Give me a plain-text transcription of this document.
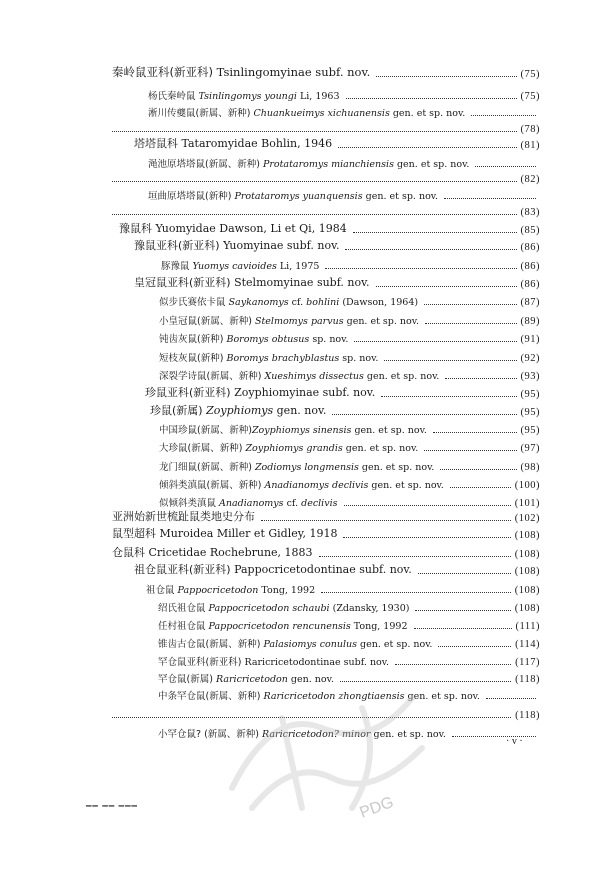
秦岭鼠亚科(新亚科) Tsinlingomyinae subf. nov.	(75)
杨氏秦岭鼠 Tsinlingomys youngi Li, 1963	(75)
淅川传夔鼠(新属、新种) Chuankueimys xichuanensis gen. et sp. nov.
(78)
塔塔鼠科 Tataromyidae Bohlin, 1946	(81)
渑池原塔塔鼠(新属、新种) Protataromys mianchiensis gen. et sp. nov.
(82)
垣曲原塔塔鼠(新种) Protataromys yuanquensis gen. et sp. nov.
(83)
豫鼠科 Yuomyidae Dawson, Li et Qi, 1984	(85)
豫鼠亚科(新亚科) Yuomyinae subf. nov.	(86)
豚豫鼠 Yuomys cavioides Li, 1975	(86)
皇冠鼠亚科(新亚科) Stelmomyinae subf. nov.	(86)
似步氏赛依卡鼠 Saykanomys cf. bohlini (Dawson, 1964)	(87)
小皇冠鼠(新属、新种) Stelmomys parvus gen. et sp. nov.	(89)
钝齿灰鼠(新种) Boromys obtusus sp. nov.	(91)
短枝灰鼠(新种) Boromys brachyblastus sp. nov.	(92)
深裂学诗鼠(新属、新种) Xueshimys dissectus gen. et sp. nov.	(93)
珍鼠亚科(新亚科) Zoyphiomyinae subf. nov.	(95)
珍鼠(新属) Zoyphiomys gen. nov.	(95)
中国珍鼠(新属、新种)Zoyphiomys sinensis gen. et sp. nov.	(95)
大珍鼠(新属、新种) Zoyphiomys grandis gen. et sp. nov.	(97)
龙门细鼠(新属、新种) Zodiomys longmensis gen. et sp. nov.	(98)
倾斜类滇鼠(新属、新种) Anadianomys declivis gen. et sp. nov.	(100)
似倾斜类滇鼠 Anadianomys cf. declivis	(101)
亚洲始新世梳趾鼠类地史分布	(102)
鼠型超科 Muroidea Miller et Gidley, 1918	(108)
仓鼠科 Cricetidae Rochebrune, 1883	(108)
祖仓鼠亚科(新亚科) Pappocricetodontinae subf. nov.	(108)
祖仓鼠 Pappocricetodon Tong, 1992	(108)
绍氏祖仓鼠 Pappocricetodon schaubi (Zdansky, 1930)	(108)
任村祖仓鼠 Pappocricetodon rencunensis Tong, 1992	(111)
锥齿古仓鼠(新属、新种) Palasiomys conulus gen. et sp. nov.	(114)
罕仓鼠亚科(新亚科) Raricricetodontinae subf. nov.	(117)
罕仓鼠(新属) Raricricetodon gen. nov.	(118)
中条罕仓鼠(新属、新种) Raricricetodon zhongtiaensis gen. et sp. nov.
(118)
小罕仓鼠? (新属、新种) Raricricetodon? minor gen. et sp. nov.
PDG
· v ·
━━ ━━ ━━━
